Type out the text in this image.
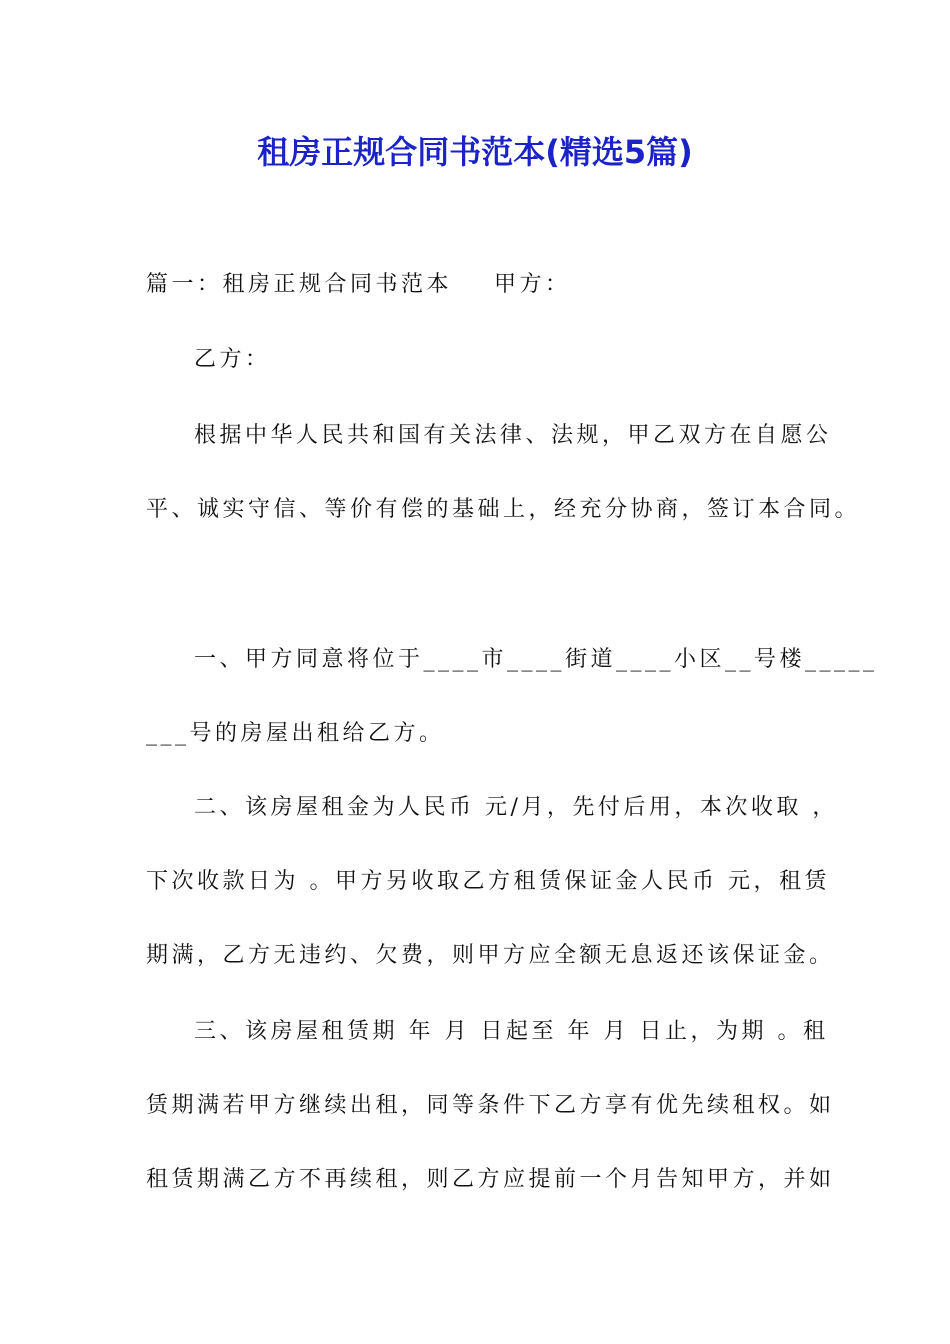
租房正规合同书范本(精选5篇)
篇一：租房正规合同书范本    甲方：
乙方：
根据中华人民共和国有关法律、法规，甲乙双方在自愿公
平、诚实守信、等价有偿的基础上，经充分协商，签订本合同。
一、甲方同意将位于____市____街道____小区__号楼_____
___号的房屋出租给乙方。
二、该房屋租金为人民币 元/月，先付后用，本次收取 ，
下次收款日为 。甲方另收取乙方租赁保证金人民币 元，租赁
期满，乙方无违约、欠费，则甲方应全额无息返还该保证金。
三、该房屋租赁期 年 月 日起至 年 月 日止，为期 。租
赁期满若甲方继续出租，同等条件下乙方享有优先续租权。如
租赁期满乙方不再续租，则乙方应提前一个月告知甲方，并如
